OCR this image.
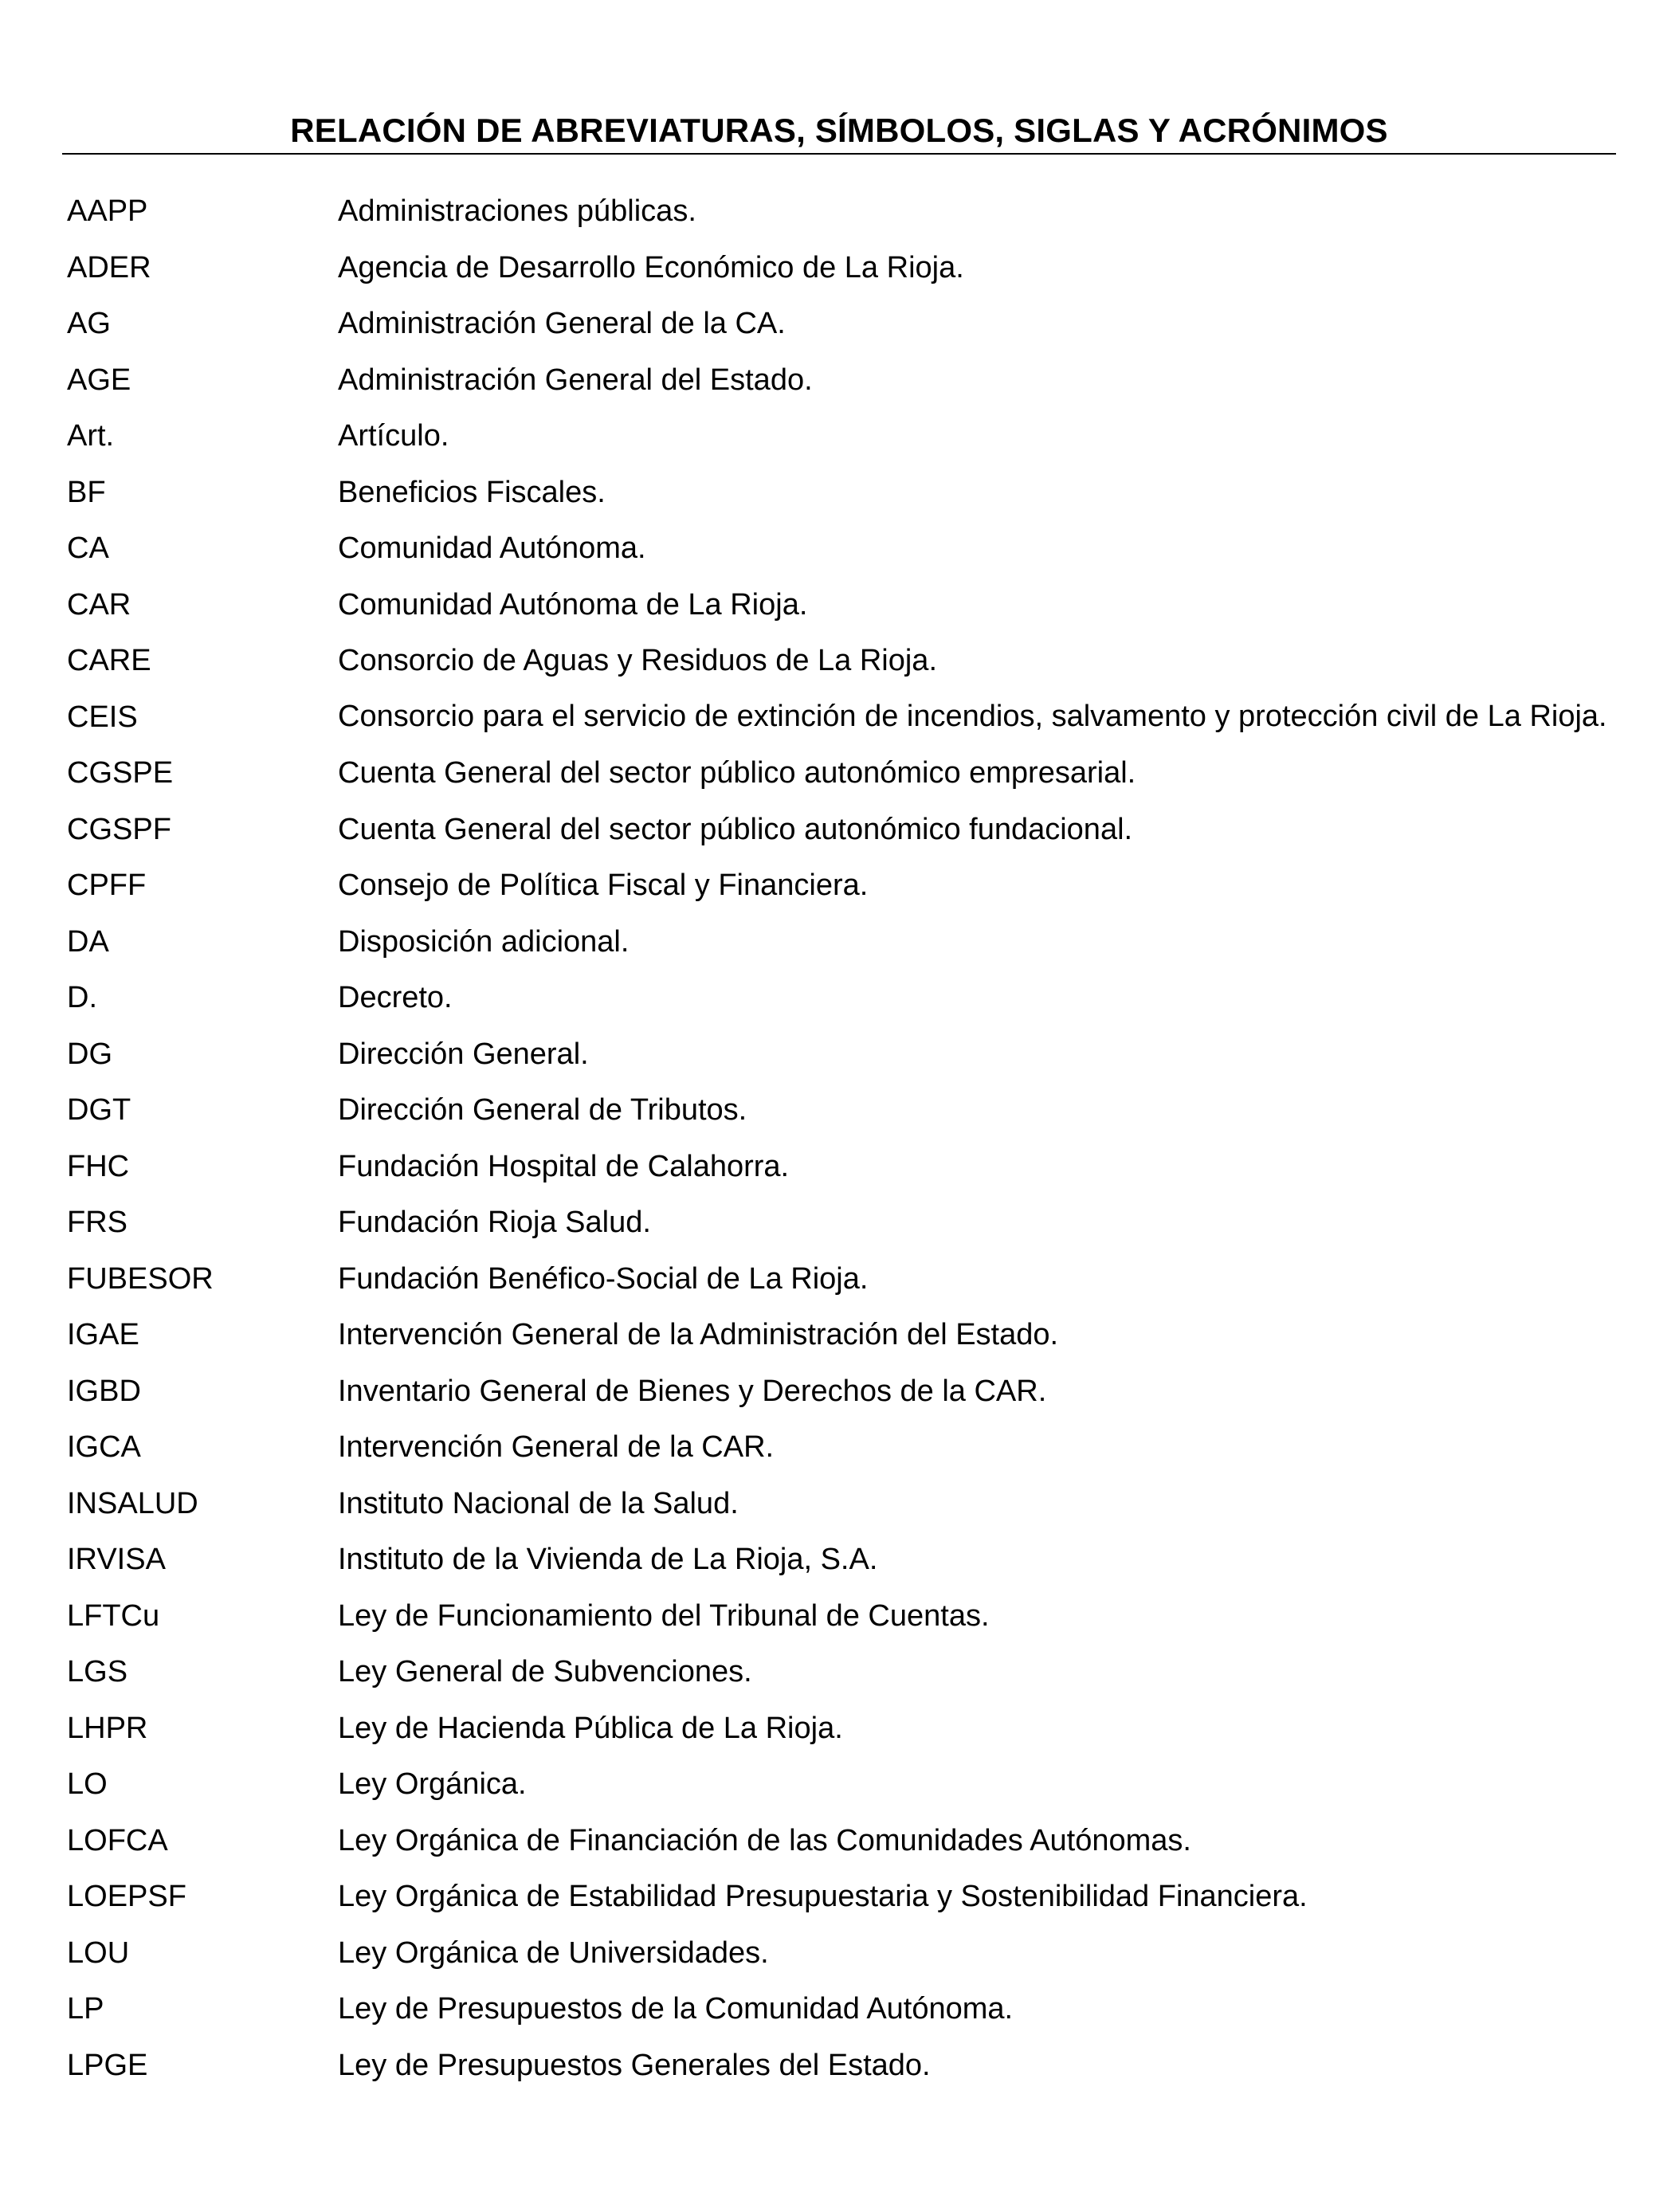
RELACIÓN DE ABREVIATURAS, SÍMBOLOS, SIGLAS Y ACRÓNIMOS
AAPP	Administraciones públicas.
ADER	Agencia de Desarrollo Económico de La Rioja.
AG	Administración General de la CA.
AGE	Administración General del Estado.
Art.	Artículo.
BF	Beneficios Fiscales.
CA	Comunidad Autónoma.
CAR	Comunidad Autónoma de La Rioja.
CARE	Consorcio de Aguas y Residuos de La Rioja.
CEIS	Consorcio para el servicio de extinción de incendios, salvamento y protección civil de La Rioja.
CGSPE	Cuenta General del sector público autonómico empresarial.
CGSPF	Cuenta General del sector público autonómico fundacional.
CPFF	Consejo de Política Fiscal y Financiera.
DA	Disposición adicional.
D.	Decreto.
DG	Dirección General.
DGT	Dirección General de Tributos.
FHC	Fundación Hospital de Calahorra.
FRS	Fundación Rioja Salud.
FUBESOR	Fundación Benéfico-Social de La Rioja.
IGAE	Intervención General de la Administración del Estado.
IGBD	Inventario General de Bienes y Derechos de la CAR.
IGCA	Intervención General de la CAR.
INSALUD	Instituto Nacional de la Salud.
IRVISA	Instituto de la Vivienda de La Rioja, S.A.
LFTCu	Ley de Funcionamiento del Tribunal de Cuentas.
LGS	Ley General de Subvenciones.
LHPR	Ley de Hacienda Pública de La Rioja.
LO	Ley Orgánica.
LOFCA	Ley Orgánica de Financiación de las Comunidades Autónomas.
LOEPSF	Ley Orgánica de Estabilidad Presupuestaria y Sostenibilidad Financiera.
LOU	Ley Orgánica de Universidades.
LP	Ley de Presupuestos de la Comunidad Autónoma.
LPGE	Ley de Presupuestos Generales del Estado.
